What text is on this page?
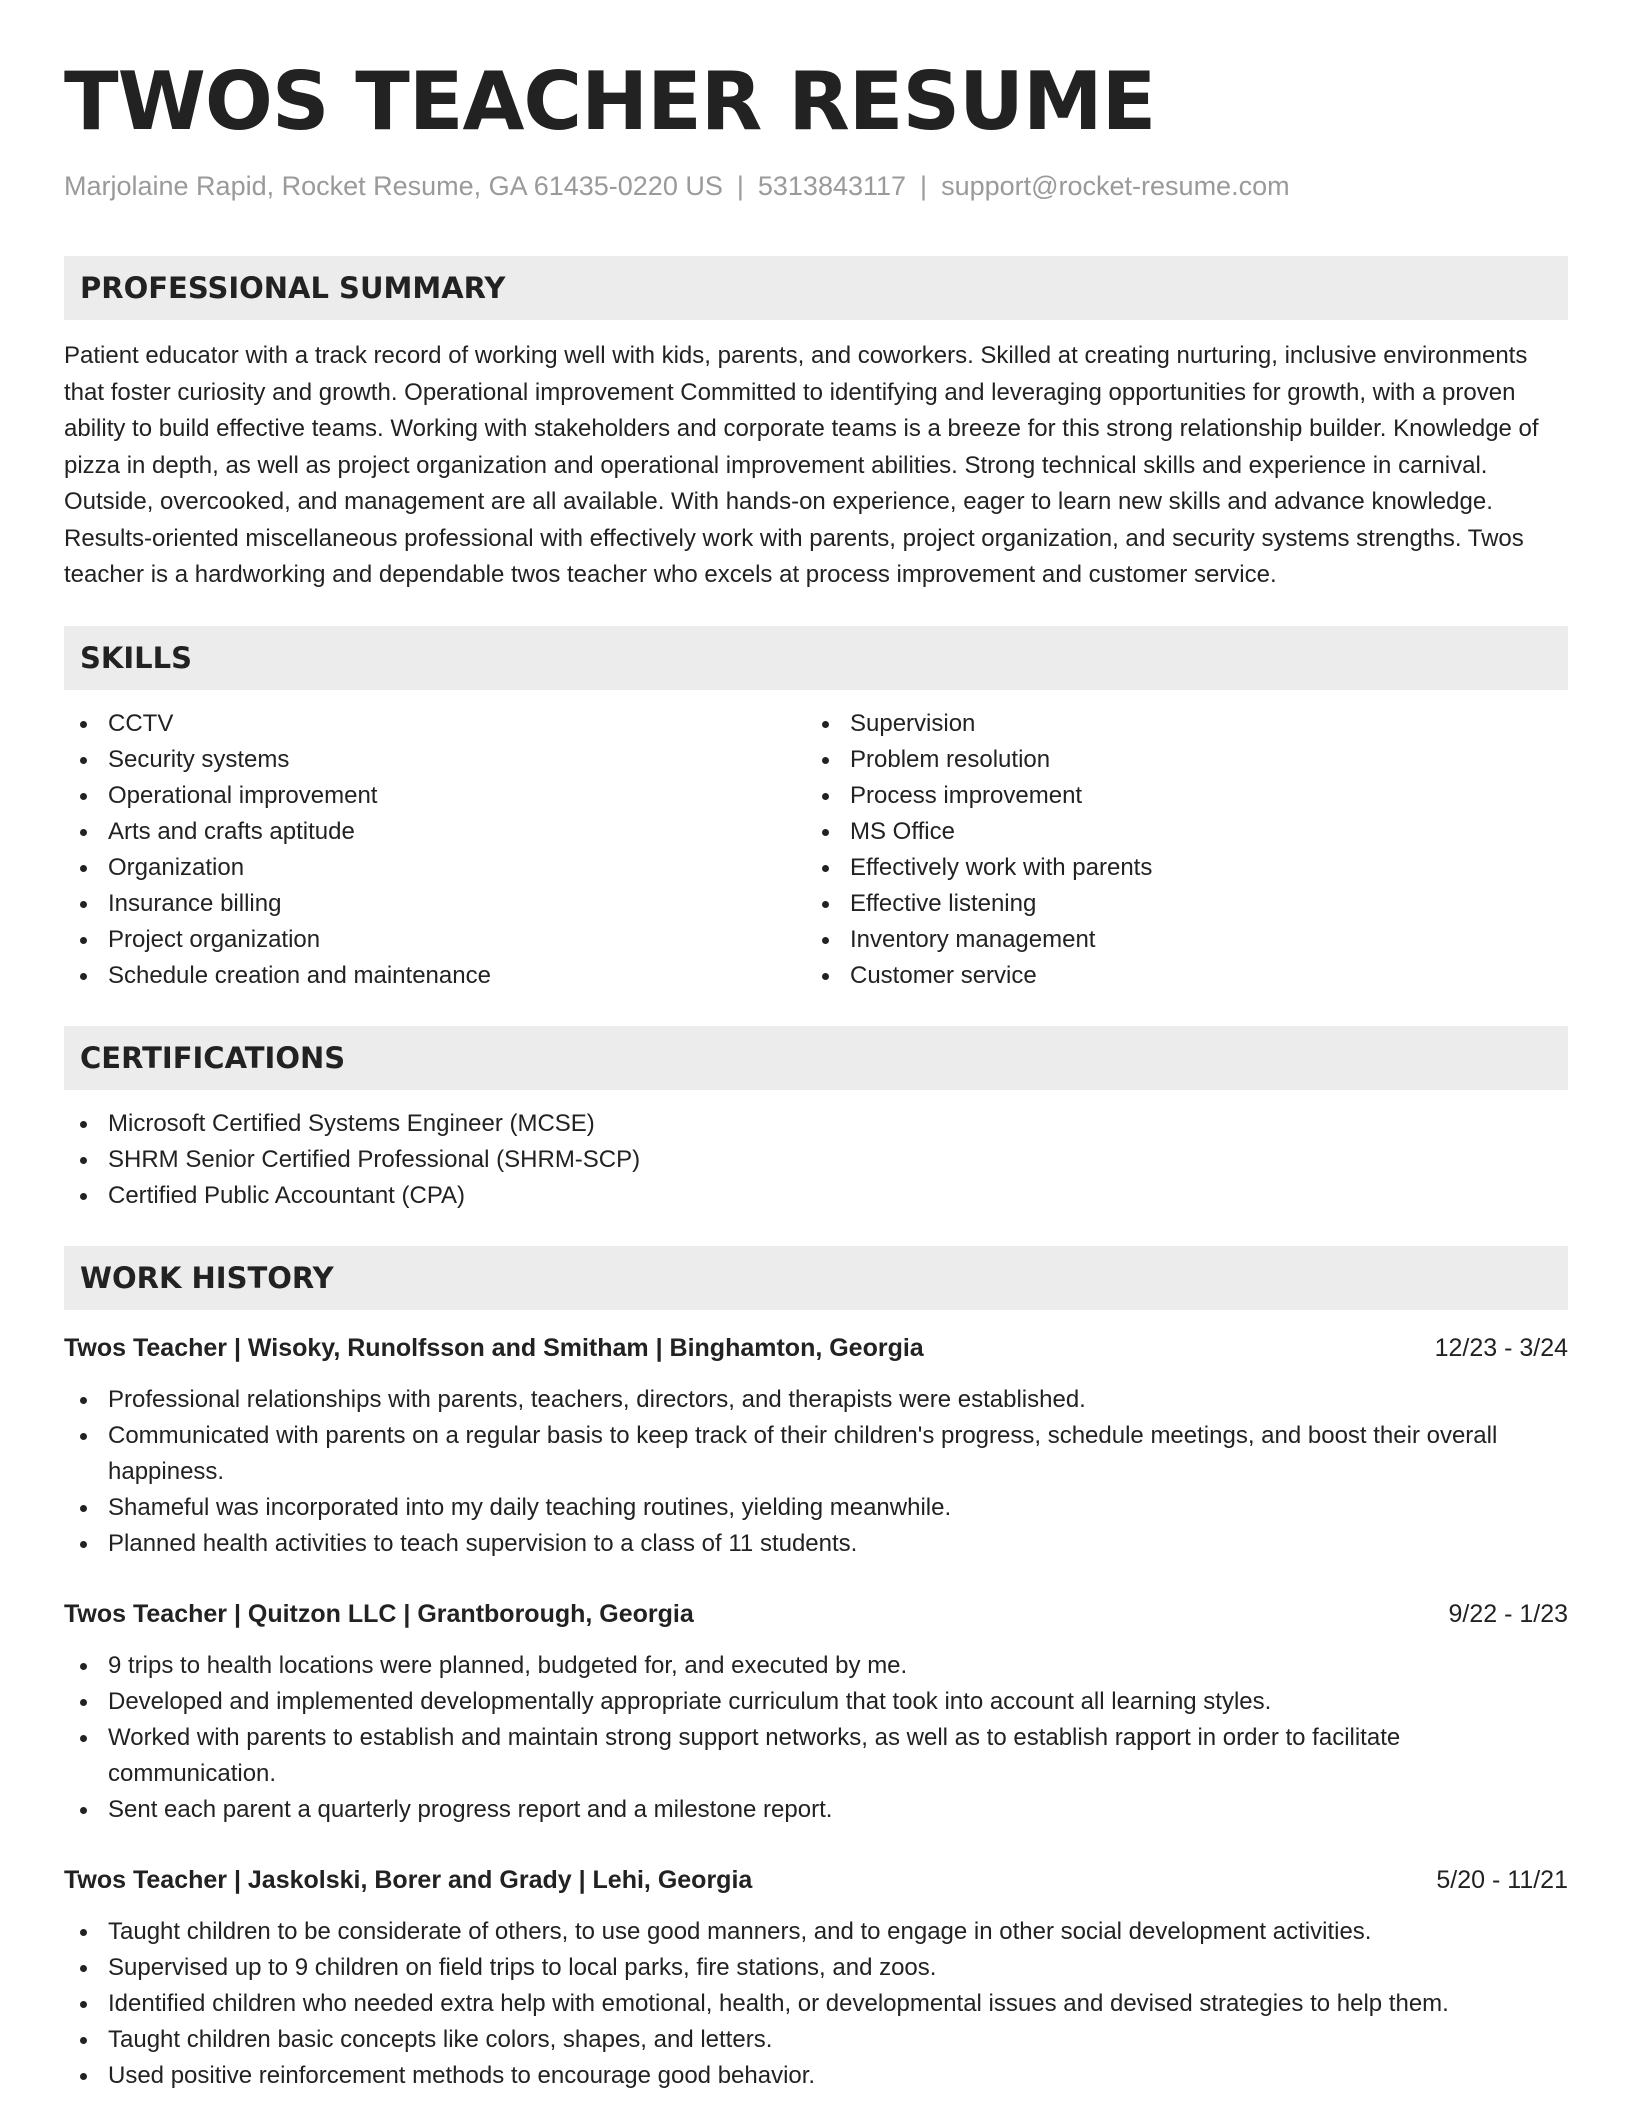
TWOS TEACHER RESUME
Marjolaine Rapid, Rocket Resume, GA 61435-0220 US | 5313843117 | support@rocket-resume.com
PROFESSIONAL SUMMARY

Patient educator with a track record of working well with kids, parents, and coworkers. Skilled at creating nurturing, inclusive environments that foster curiosity and growth. Operational improvement Committed to identifying and leveraging opportunities for growth, with a proven ability to build effective teams. Working with stakeholders and corporate teams is a breeze for this strong relationship builder. Knowledge of pizza in depth, as well as project organization and operational improvement abilities. Strong technical skills and experience in carnival. Outside, overcooked, and management are all available. With hands-on experience, eager to learn new skills and advance knowledge. Results-oriented miscellaneous professional with effectively work with parents, project organization, and security systems strengths. Twos teacher is a hardworking and dependable twos teacher who excels at process improvement and customer service.

SKILLS
CCTV
Security systems
Operational improvement
Arts and crafts aptitude
Organization
Insurance billing
Project organization
Schedule creation and maintenance
Supervision
Problem resolution
Process improvement
MS Office
Effectively work with parents
Effective listening
Inventory management
Customer service
CERTIFICATIONS
Microsoft Certified Systems Engineer (MCSE)
SHRM Senior Certified Professional (SHRM-SCP)
Certified Public Accountant (CPA)
WORK HISTORY
Twos Teacher | Wisoky, Runolfsson and Smitham | Binghamton, Georgia	12/23 - 3/24
Professional relationships with parents, teachers, directors, and therapists were established.
Communicated with parents on a regular basis to keep track of their children's progress, schedule meetings, and boost their overall happiness.
Shameful was incorporated into my daily teaching routines, yielding meanwhile.
Planned health activities to teach supervision to a class of 11 students.
Twos Teacher | Quitzon LLC | Grantborough, Georgia	9/22 - 1/23
9 trips to health locations were planned, budgeted for, and executed by me.
Developed and implemented developmentally appropriate curriculum that took into account all learning styles.
Worked with parents to establish and maintain strong support networks, as well as to establish rapport in order to facilitate communication.
Sent each parent a quarterly progress report and a milestone report.
Twos Teacher | Jaskolski, Borer and Grady | Lehi, Georgia	5/20 - 11/21
Taught children to be considerate of others, to use good manners, and to engage in other social development activities.
Supervised up to 9 children on field trips to local parks, fire stations, and zoos.
Identified children who needed extra help with emotional, health, or developmental issues and devised strategies to help them.
Taught children basic concepts like colors, shapes, and letters.
Used positive reinforcement methods to encourage good behavior.
